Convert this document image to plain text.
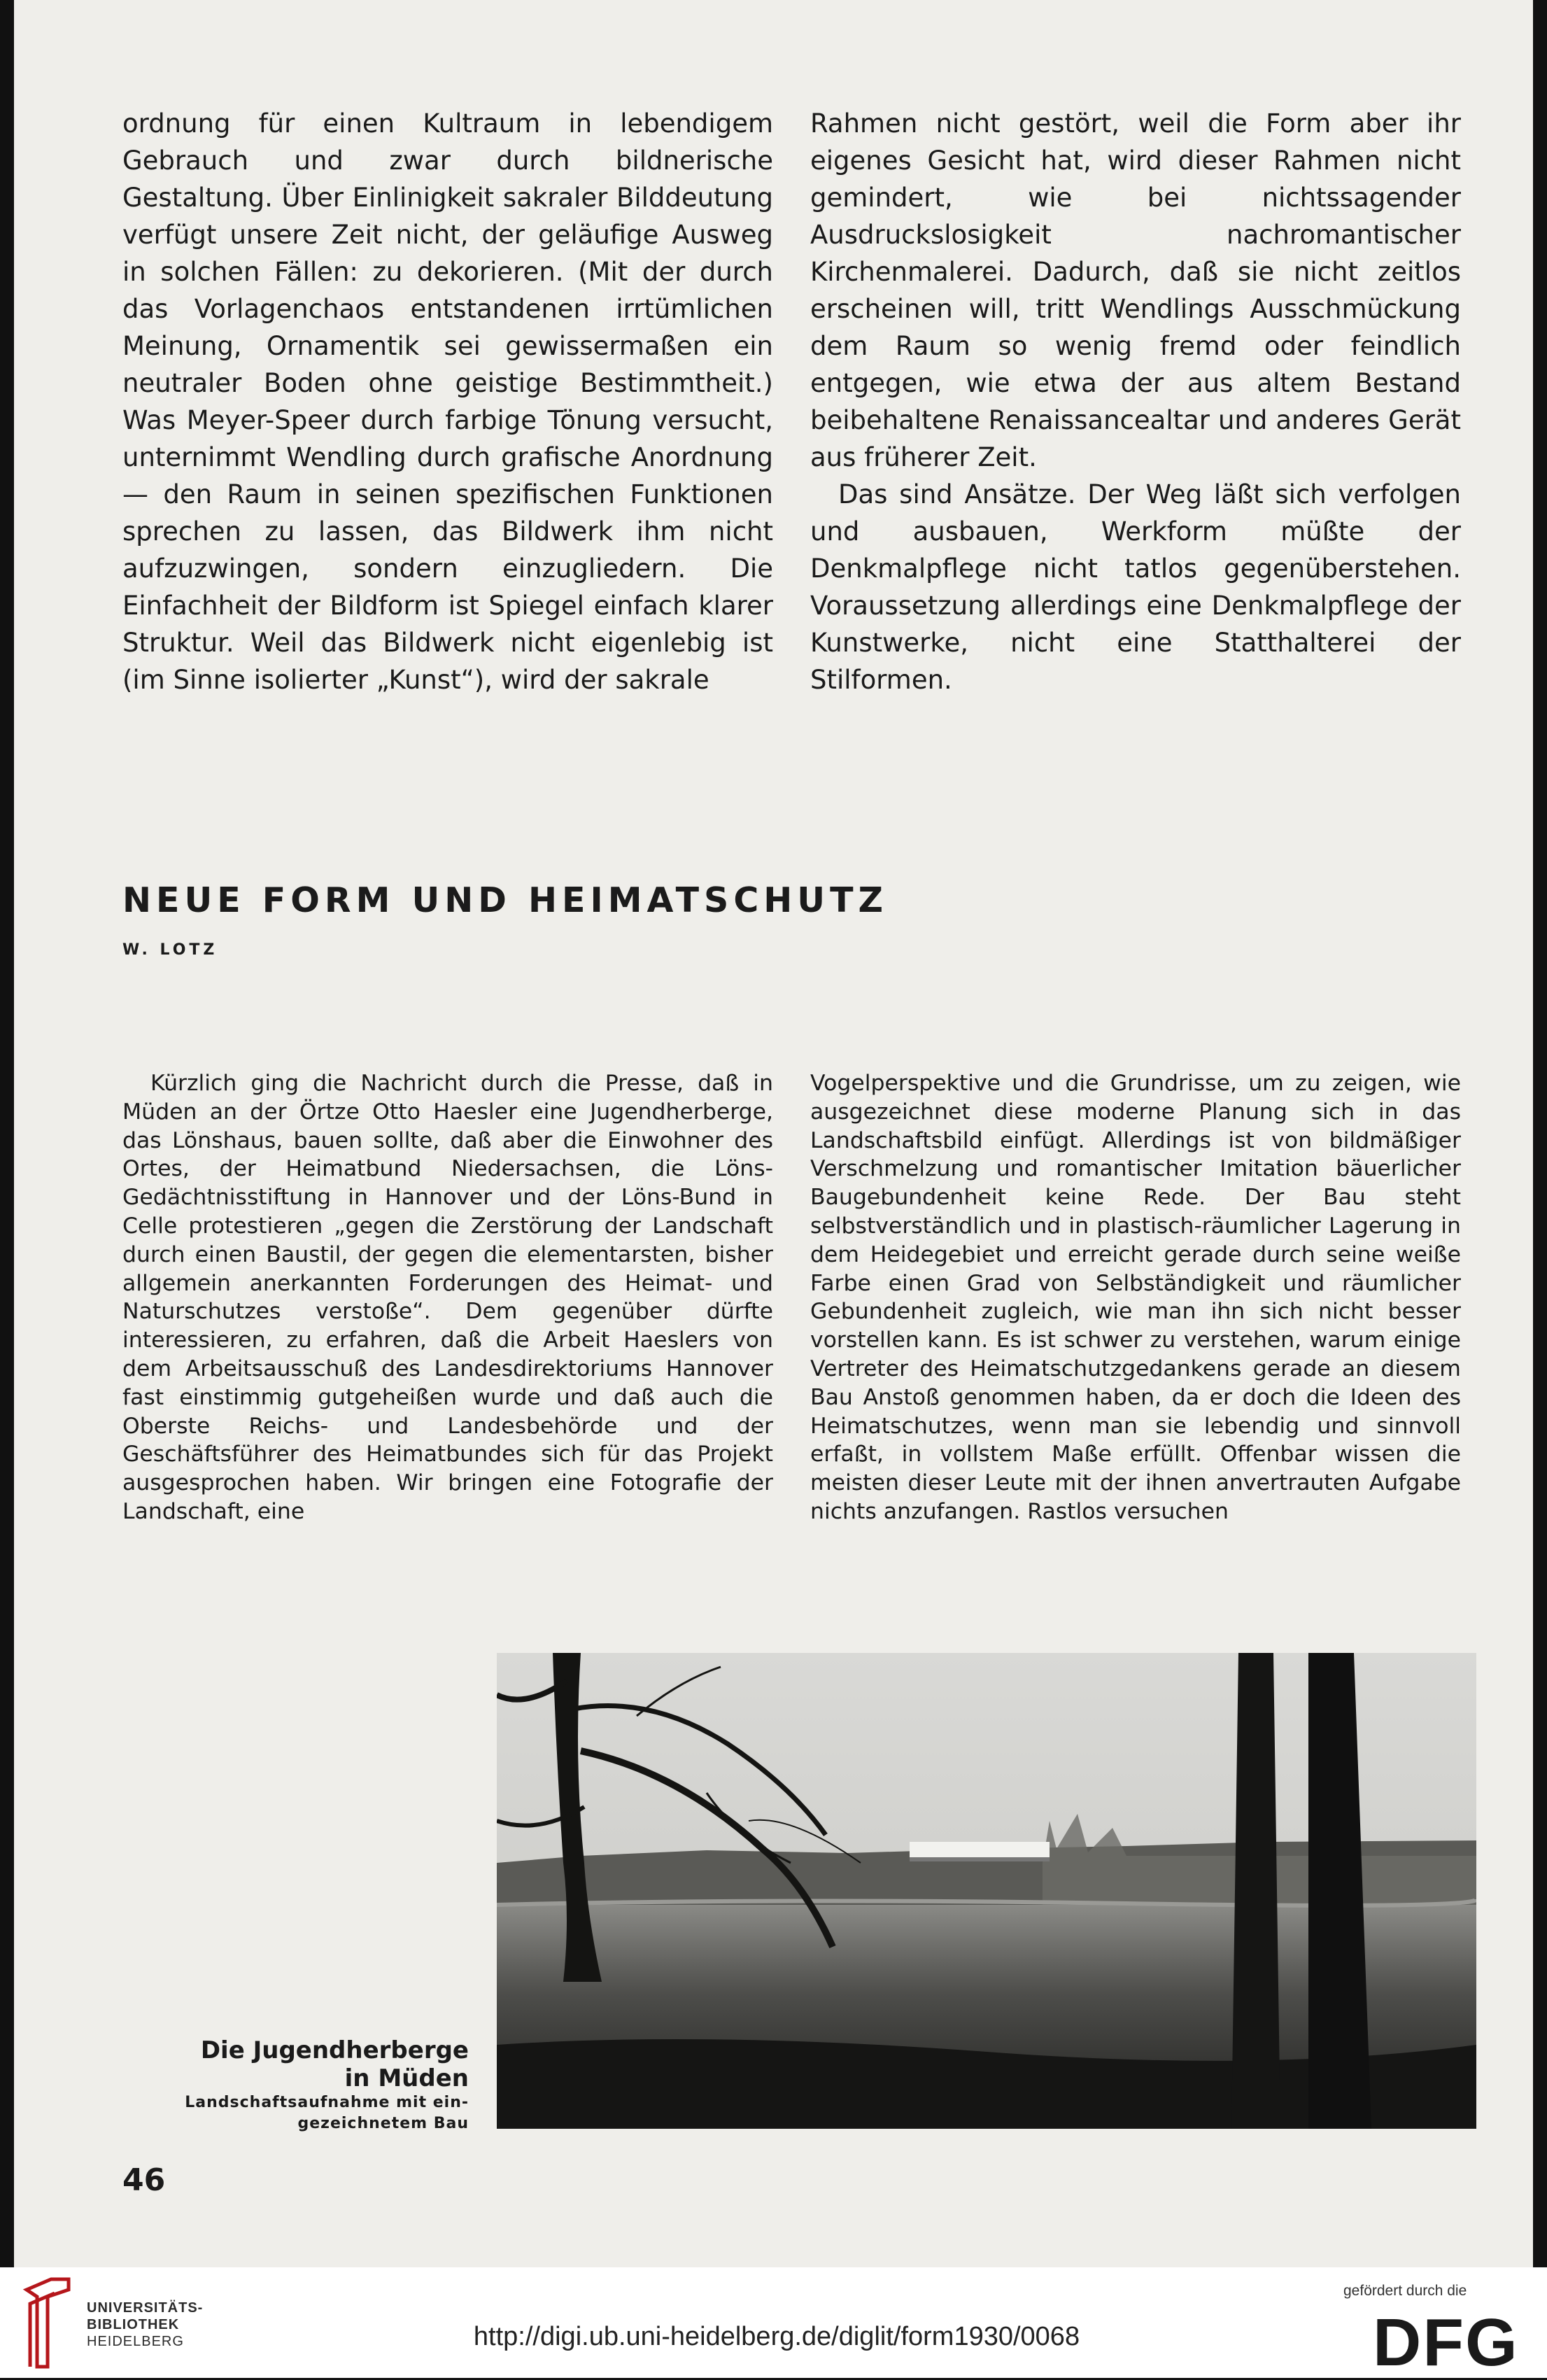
ordnung für einen Kultraum in lebendigem Gebrauch und zwar durch bildnerische Gestaltung. Über Einlinigkeit sakraler Bilddeutung verfügt unsere Zeit nicht, der geläufige Ausweg in solchen Fällen: zu dekorieren. (Mit der durch das Vorlagenchaos entstandenen irrtümlichen Meinung, Ornamentik sei gewissermaßen ein neutraler Boden ohne geistige Bestimmtheit.) Was Meyer-Speer durch farbige Tönung versucht, unternimmt Wendling durch grafische Anordnung — den Raum in seinen spezifischen Funktionen sprechen zu lassen, das Bildwerk ihm nicht aufzuzwingen, sondern einzugliedern. Die Einfachheit der Bildform ist Spiegel einfach klarer Struktur. Weil das Bildwerk nicht eigenlebig ist (im Sinne isolierter „Kunst“), wird der sakrale

Rahmen nicht gestört, weil die Form aber ihr eigenes Gesicht hat, wird dieser Rahmen nicht gemindert, wie bei nichtssagender Ausdruckslosigkeit nachromantischer Kirchenmalerei. Dadurch, daß sie nicht zeitlos erscheinen will, tritt Wendlings Ausschmückung dem Raum so wenig fremd oder feindlich entgegen, wie etwa der aus altem Bestand beibehaltene Renaissancealtar und anderes Gerät aus früherer Zeit.

Das sind Ansätze. Der Weg läßt sich verfolgen und ausbauen, Werkform müßte der Denkmalpflege nicht tatlos gegenüberstehen. Voraussetzung allerdings eine Denkmalpflege der Kunstwerke, nicht eine Statthalterei der Stilformen.

NEUE FORM UND HEIMATSCHUTZ
W. LOTZ

Kürzlich ging die Nachricht durch die Presse, daß in Müden an der Örtze Otto Haesler eine Jugendherberge, das Lönshaus, bauen sollte, daß aber die Einwohner des Ortes, der Heimatbund Niedersachsen, die Löns-Gedächtnisstiftung in Hannover und der Löns-Bund in Celle protestieren „gegen die Zerstörung der Landschaft durch einen Baustil, der gegen die elementarsten, bisher allgemein anerkannten Forderungen des Heimat- und Naturschutzes verstoße“. Dem gegenüber dürfte interessieren, zu erfahren, daß die Arbeit Haeslers von dem Arbeitsausschuß des Landesdirektoriums Hannover fast einstimmig gutgeheißen wurde und daß auch die Oberste Reichs- und Landesbehörde und der Geschäftsführer des Heimatbundes sich für das Projekt ausgesprochen haben. Wir bringen eine Fotografie der Landschaft, eine

Vogelperspektive und die Grundrisse, um zu zeigen, wie ausgezeichnet diese moderne Planung sich in das Landschaftsbild einfügt. Allerdings ist von bildmäßiger Verschmelzung und romantischer Imitation bäuerlicher Baugebundenheit keine Rede. Der Bau steht selbstverständlich und in plastisch-räumlicher Lagerung in dem Heidegebiet und erreicht gerade durch seine weiße Farbe einen Grad von Selbständigkeit und räumlicher Gebundenheit zugleich, wie man ihn sich nicht besser vorstellen kann. Es ist schwer zu verstehen, warum einige Vertreter des Heimatschutzgedankens gerade an diesem Bau Anstoß genommen haben, da er doch die Ideen des Heimatschutzes, wenn man sie lebendig und sinnvoll erfaßt, in vollstem Maße erfüllt. Offenbar wissen die meisten dieser Leute mit der ihnen anvertrauten Aufgabe nichts anzufangen. Rastlos versuchen

Die Jugendherberge
in Müden
Landschaftsaufnahme mit ein-
gezeichnetem Bau
46
UNIVERSITÄTS-
BIBLIOTHEK
HEIDELBERG	http://digi.ub.uni-heidelberg.de/diglit/form1930/0068
gefördert durch die
DFG
